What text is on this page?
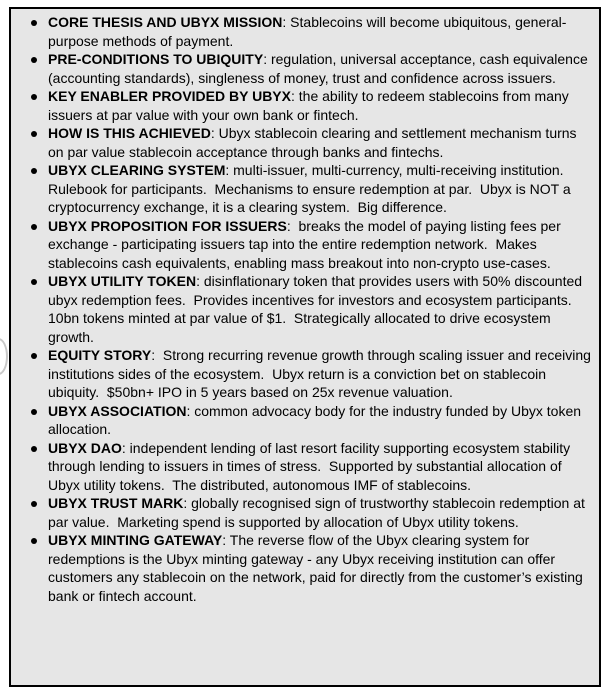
CORE THESIS AND UBYX MISSION: Stablecoins will become ubiquitous, general-purpose methods of payment.
PRE-CONDITIONS TO UBIQUITY: regulation, universal acceptance, cash equivalence (accounting standards), singleness of money, trust and confidence across issuers.
KEY ENABLER PROVIDED BY UBYX: the ability to redeem stablecoins from many issuers at par value with your own bank or fintech.
HOW IS THIS ACHIEVED: Ubyx stablecoin clearing and settlement mechanism turns on par value stablecoin acceptance through banks and fintechs.
UBYX CLEARING SYSTEM: multi-issuer, multi-currency, multi-receiving institution.  Rulebook for participants.  Mechanisms to ensure redemption at par.  Ubyx is NOT a cryptocurrency exchange, it is a clearing system.  Big difference.
UBYX PROPOSITION FOR ISSUERS:  breaks the model of paying listing fees per exchange - participating issuers tap into the entire redemption network.  Makes stablecoins cash equivalents, enabling mass breakout into non-crypto use-cases.
UBYX UTILITY TOKEN: disinflationary token that provides users with 50% discounted ubyx redemption fees.  Provides incentives for investors and ecosystem participants.  10bn tokens minted at par value of $1.  Strategically allocated to drive ecosystem growth.
EQUITY STORY:  Strong recurring revenue growth through scaling issuer and receiving institutions sides of the ecosystem.  Ubyx return is a conviction bet on stablecoin ubiquity.  $50bn+ IPO in 5 years based on 25x revenue valuation.
UBYX ASSOCIATION: common advocacy body for the industry funded by Ubyx token allocation.
UBYX DAO: independent lending of last resort facility supporting ecosystem stability through lending to issuers in times of stress.  Supported by substantial allocation of Ubyx utility tokens.  The distributed, autonomous IMF of stablecoins.
UBYX TRUST MARK: globally recognised sign of trustworthy stablecoin redemption at par value.  Marketing spend is supported by allocation of Ubyx utility tokens.
UBYX MINTING GATEWAY: The reverse flow of the Ubyx clearing system for redemptions is the Ubyx minting gateway - any Ubyx receiving institution can offer customers any stablecoin on the network, paid for directly from the customer’s existing bank or fintech account.
